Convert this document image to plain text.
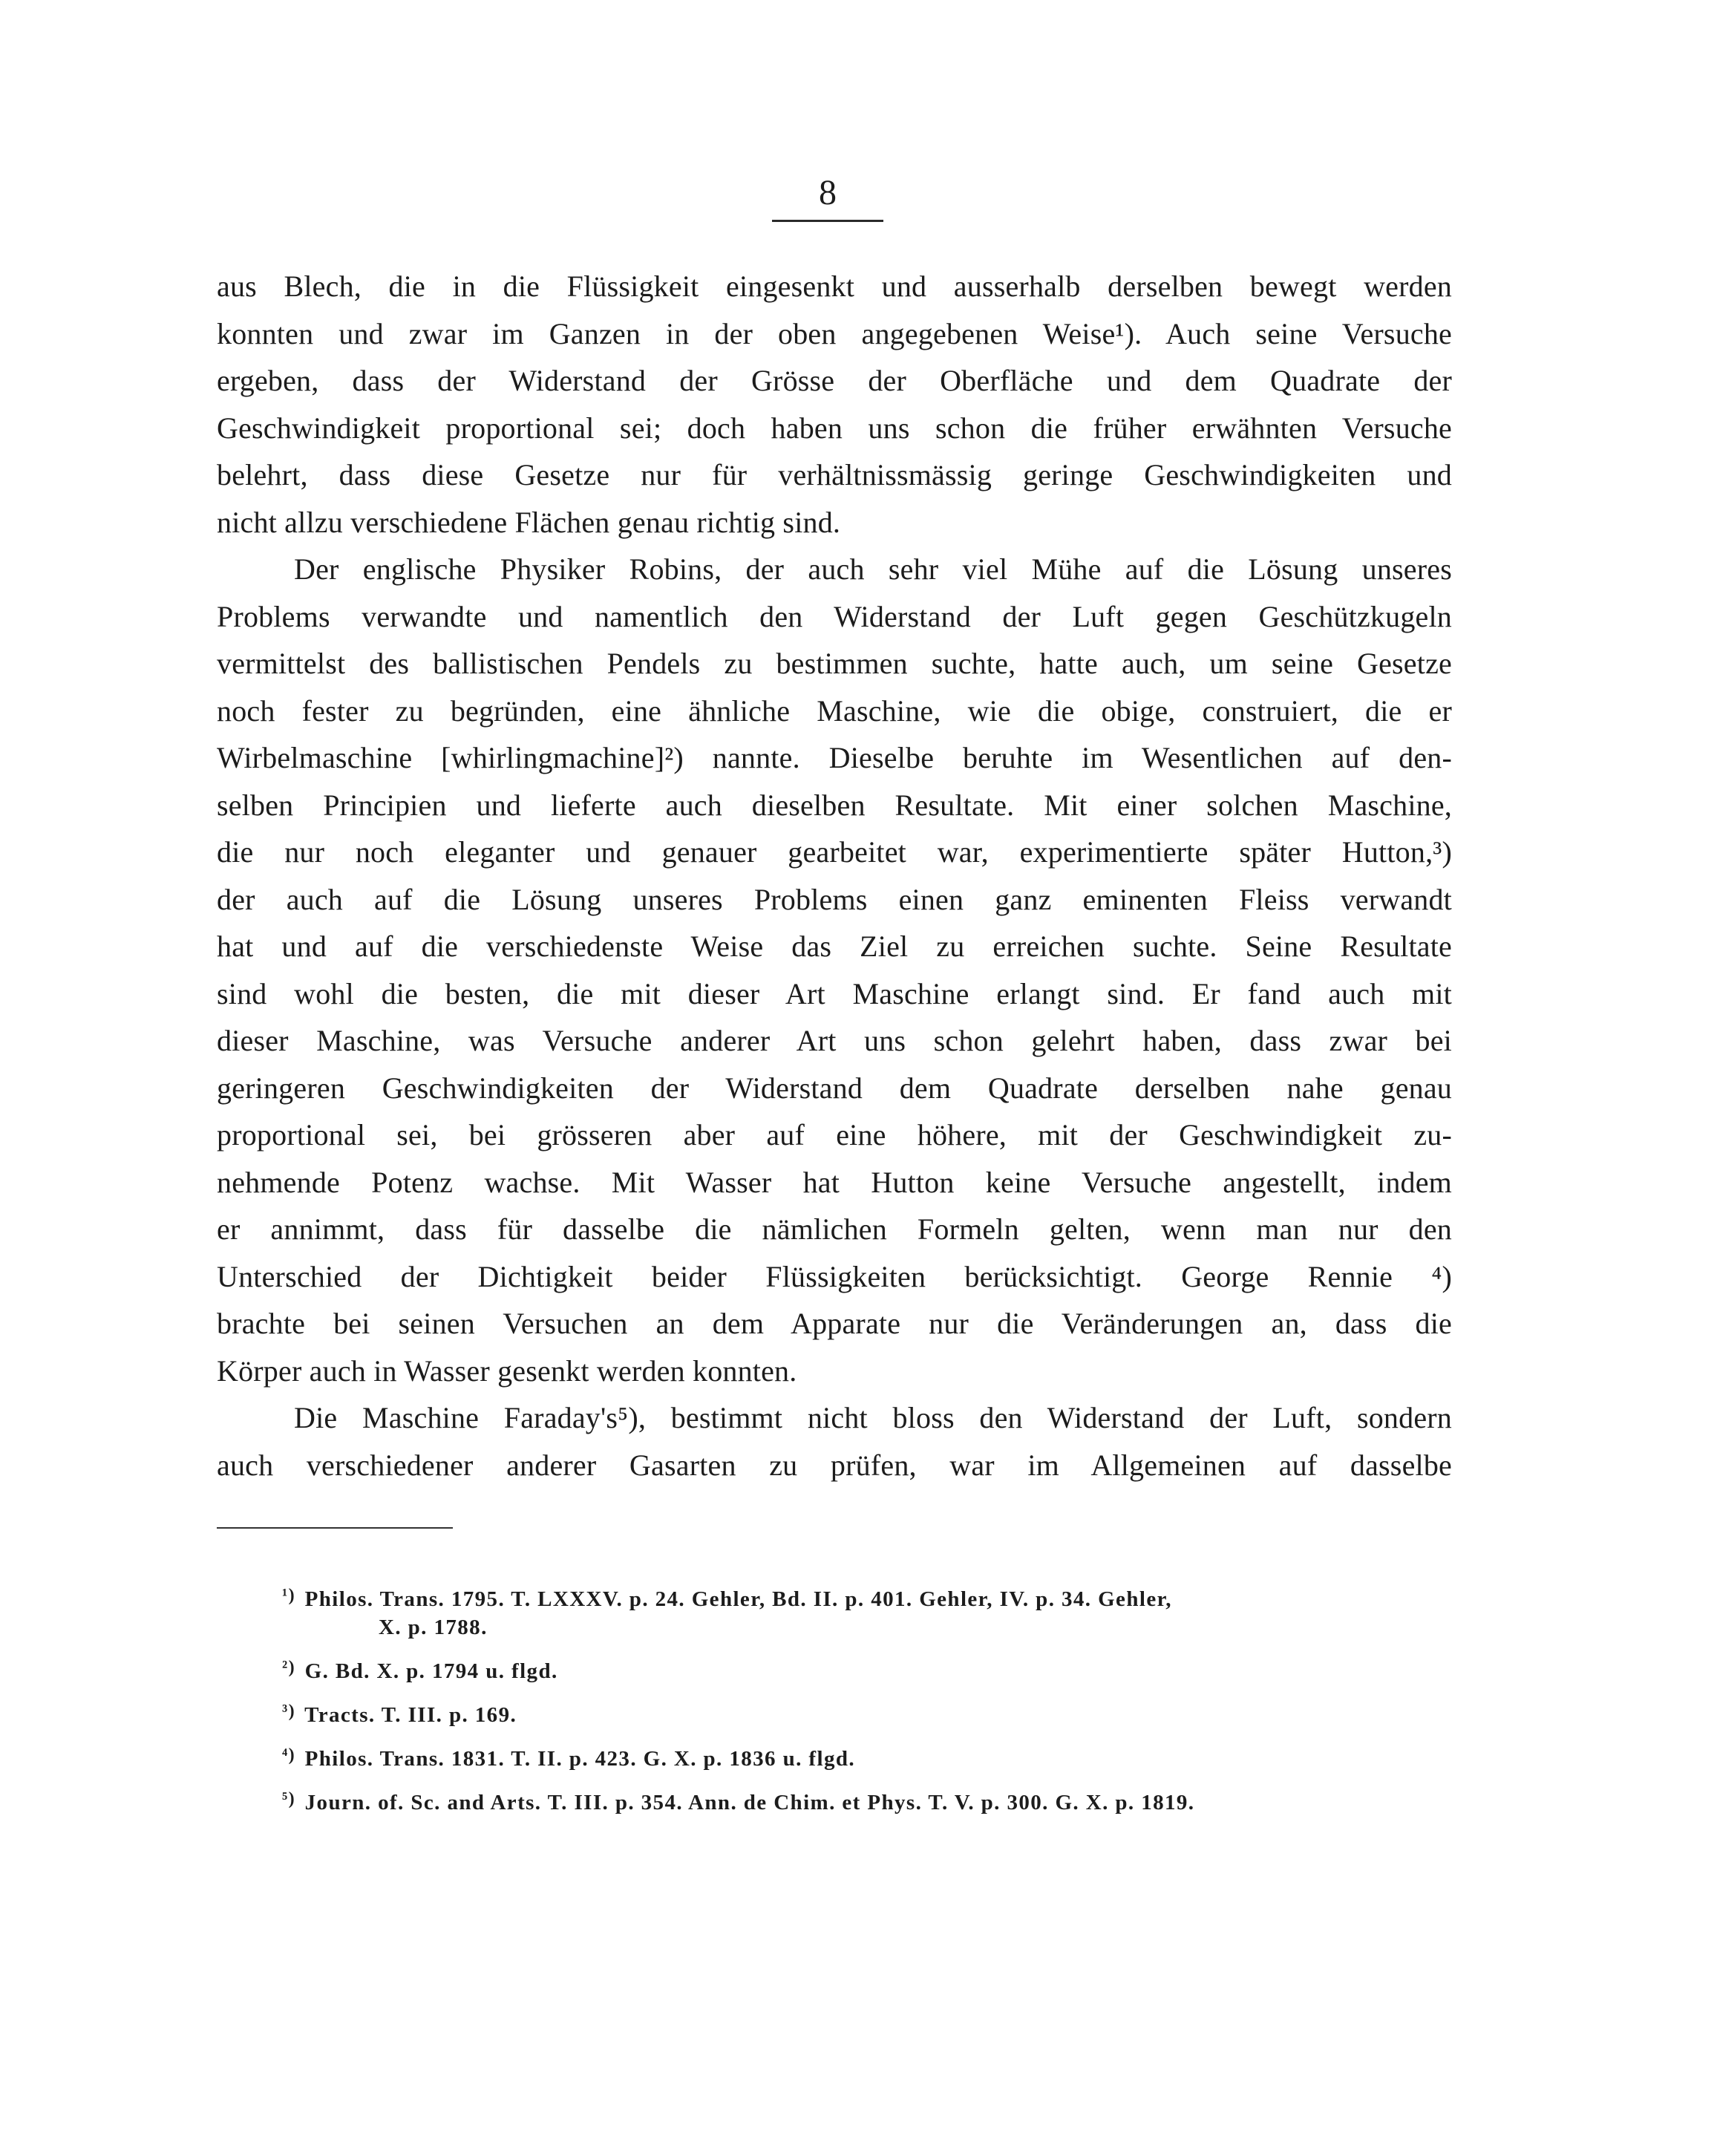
8
aus Blech, die in die Flüssigkeit eingesenkt und ausserhalb derselben bewegt werden
konnten und zwar im Ganzen in der oben angegebenen Weise¹). Auch seine Versuche
ergeben, dass der Widerstand der Grösse der Oberfläche und dem Quadrate der
Geschwindigkeit proportional sei; doch haben uns schon die früher erwähnten Versuche
belehrt, dass diese Gesetze nur für verhältnissmässig geringe Geschwindigkeiten und
nicht allzu verschiedene Flächen genau richtig sind.
Der englische Physiker Robins, der auch sehr viel Mühe auf die Lösung unseres
Problems verwandte und namentlich den Widerstand der Luft gegen Geschützkugeln
vermittelst des ballistischen Pendels zu bestimmen suchte, hatte auch, um seine Gesetze
noch fester zu begründen, eine ähnliche Maschine, wie die obige, construiert, die er
Wirbelmaschine [whirlingmachine]²) nannte. Dieselbe beruhte im Wesentlichen auf den-
selben Principien und lieferte auch dieselben Resultate. Mit einer solchen Maschine,
die nur noch eleganter und genauer gearbeitet war, experimentierte später Hutton,³)
der auch auf die Lösung unseres Problems einen ganz eminenten Fleiss verwandt
hat und auf die verschiedenste Weise das Ziel zu erreichen suchte. Seine Resultate
sind wohl die besten, die mit dieser Art Maschine erlangt sind. Er fand auch mit
dieser Maschine, was Versuche anderer Art uns schon gelehrt haben, dass zwar bei
geringeren Geschwindigkeiten der Widerstand dem Quadrate derselben nahe genau
proportional sei, bei grösseren aber auf eine höhere, mit der Geschwindigkeit zu-
nehmende Potenz wachse. Mit Wasser hat Hutton keine Versuche angestellt, indem
er annimmt, dass für dasselbe die nämlichen Formeln gelten, wenn man nur den
Unterschied der Dichtigkeit beider Flüssigkeiten berücksichtigt. George Rennie ⁴)
brachte bei seinen Versuchen an dem Apparate nur die Veränderungen an, dass die
Körper auch in Wasser gesenkt werden konnten.
Die Maschine Faraday's⁵), bestimmt nicht bloss den Widerstand der Luft, sondern
auch verschiedener anderer Gasarten zu prüfen, war im Allgemeinen auf dasselbe
$^{^1)}$ Philos. Trans. 1795. T. LXXXV. p. 24. Gehler, Bd. II. p. 401. Gehler, IV. p. 34. Gehler,
X. p. 1788.
$^{^2)}$ G. Bd. X. p. 1794 u. flgd.
$^{^3)}$ Tracts. T. III. p. 169.
$^{^4)}$ Philos. Trans. 1831. T. II. p. 423. G. X. p. 1836 u. flgd.
$^{^5)}$ Journ. of. Sc. and Arts. T. III. p. 354. Ann. de Chim. et Phys. T. V. p. 300. G. X. p. 1819.
